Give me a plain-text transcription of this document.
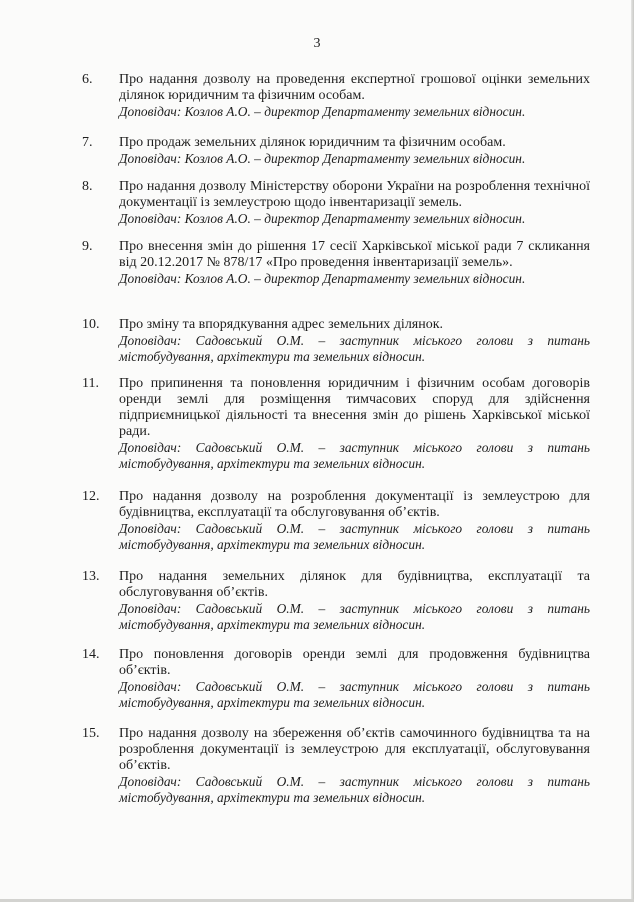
3
6. Про надання дозволу на проведення експертної грошової оцінки земельних ділянок юридичним та фізичним особам.

Доповідач: Козлов А.О. – директор Департаменту земельних відносин.

7. Про продаж земельних ділянок юридичним та фізичним особам.

Доповідач: Козлов А.О. – директор Департаменту земельних відносин.

8. Про надання дозволу Міністерству оборони України на розроблення технічної документації із землеустрою щодо інвентаризації земель.

Доповідач: Козлов А.О. – директор Департаменту земельних відносин.

9. Про внесення змін до рішення 17 сесії Харківської міської ради 7 скликання від 20.12.2017 № 878/17 «Про проведення інвентаризації земель».

Доповідач: Козлов А.О. – директор Департаменту земельних відносин.

10. Про зміну та впорядкування адрес земельних ділянок.

Доповідач: Садовський О.М. – заступник міського голови з питань містобудування, архітектури та земельних відносин.

11. Про припинення та поновлення юридичним і фізичним особам договорів оренди землі для розміщення тимчасових споруд для здійснення підприємницької діяльності та внесення змін до рішень Харківської міської ради.

Доповідач: Садовський О.М. – заступник міського голови з питань містобудування, архітектури та земельних відносин.

12. Про надання дозволу на розроблення документації із землеустрою для будівництва, експлуатації та обслуговування об’єктів.

Доповідач: Садовський О.М. – заступник міського голови з питань містобудування, архітектури та земельних відносин.

13. Про надання земельних ділянок для будівництва, експлуатації та обслуговування об’єктів.

Доповідач: Садовський О.М. – заступник міського голови з питань містобудування, архітектури та земельних відносин.

14. Про поновлення договорів оренди землі для продовження будівництва об’єктів.

Доповідач: Садовський О.М. – заступник міського голови з питань містобудування, архітектури та земельних відносин.

15. Про надання дозволу на збереження об’єктів самочинного будівництва та на розроблення документації із землеустрою для експлуатації, обслуговування об’єктів.

Доповідач: Садовський О.М. – заступник міського голови з питань містобудування, архітектури та земельних відносин.
